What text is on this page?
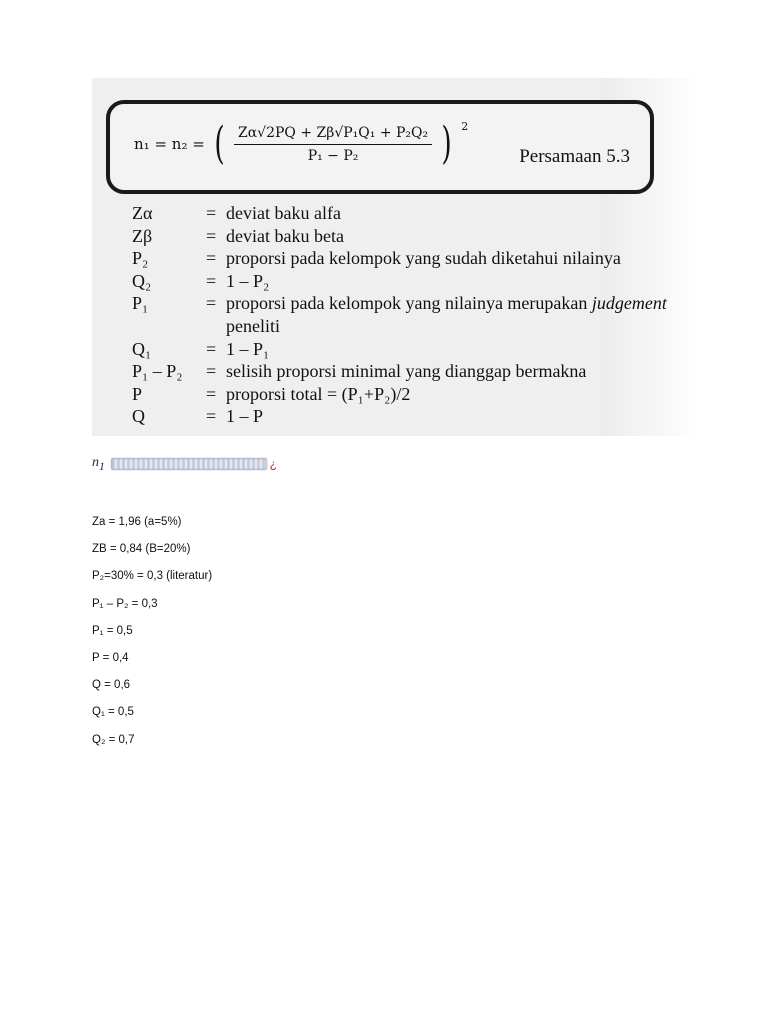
n₁ = n₂ = ( $\frac{\text{Zα√2PQ + Zβ√P₁Q₁ + P₂Q₂}}{\text{P₁ − P₂}}$ ) 2
Persamaan 5.3
Zα	= deviat baku alfa
Zβ	= deviat baku beta
P₂	= proporsi pada kelompok yang sudah diketahui nilainya
Q₂	= 1 – P₂
P₁	= proporsi pada kelompok yang nilainya merupakan judgement
peneliti
Q₁	= 1 – P₁
P₁ – P₂	= selisih proporsi minimal yang dianggap bermakna
P	= proporsi total = (P₁+P₂)/2
Q	= 1 – P
$n_1$	¿
Za = 1,96 (a=5%)
ZB = 0,84 (B=20%)
P₂=30% = 0,3 (literatur)
P₁ – P₂ = 0,3
P₁ = 0,5
P = 0,4
Q = 0,6
Q₁ = 0,5
Q₂ = 0,7
